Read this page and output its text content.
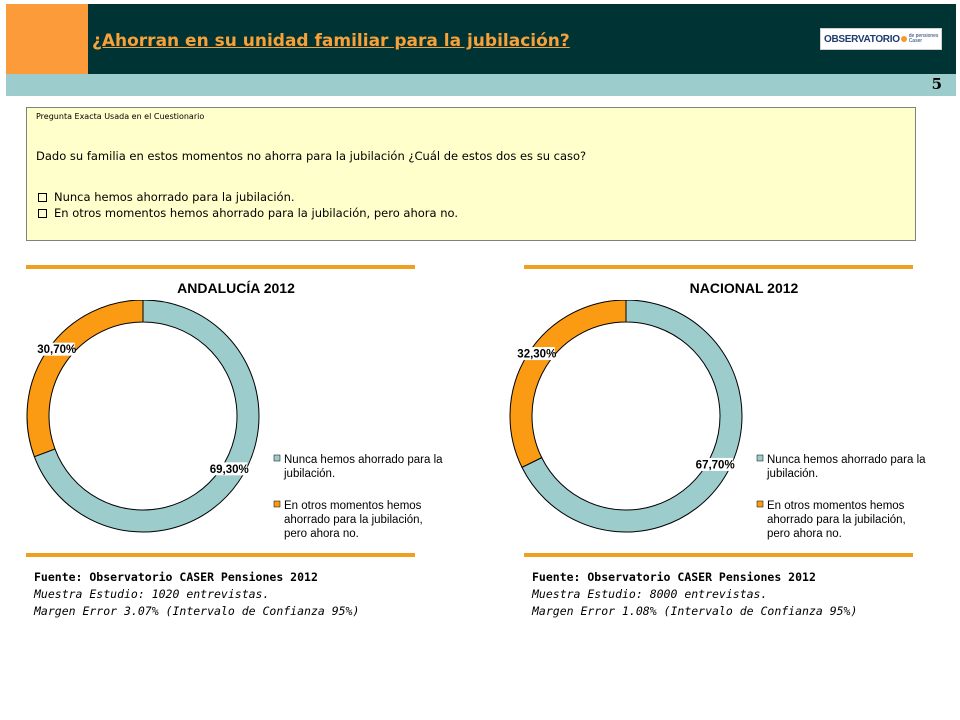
¿Ahorran en su unidad familiar para la jubilación?	OBSERVATORIO de pensiones
Caser
5
Pregunta Exacta Usada en el Cuestionario
Dado su familia en estos momentos no ahorra para la jubilación ¿Cuál de estos dos es su caso?
Nunca hemos ahorrado para la jubilación.
En otros momentos hemos ahorrado para la jubilación, pero ahora no.
ANDALUCÍA 2012
69,30%
30,70%
Nunca hemos ahorrado para la
jubilación.
En otros momentos hemos
ahorrado para la jubilación,
pero ahora no.
Fuente: Observatorio CASER Pensiones 2012
Muestra Estudio: 1020 entrevistas.
Margen Error 3.07% (Intervalo de Confianza 95%)
NACIONAL 2012
67,70%
32,30%
Nunca hemos ahorrado para la
jubilación.
En otros momentos hemos
ahorrado para la jubilación,
pero ahora no.
Fuente: Observatorio CASER Pensiones 2012
Muestra Estudio: 8000 entrevistas.
Margen Error 1.08% (Intervalo de Confianza 95%)
